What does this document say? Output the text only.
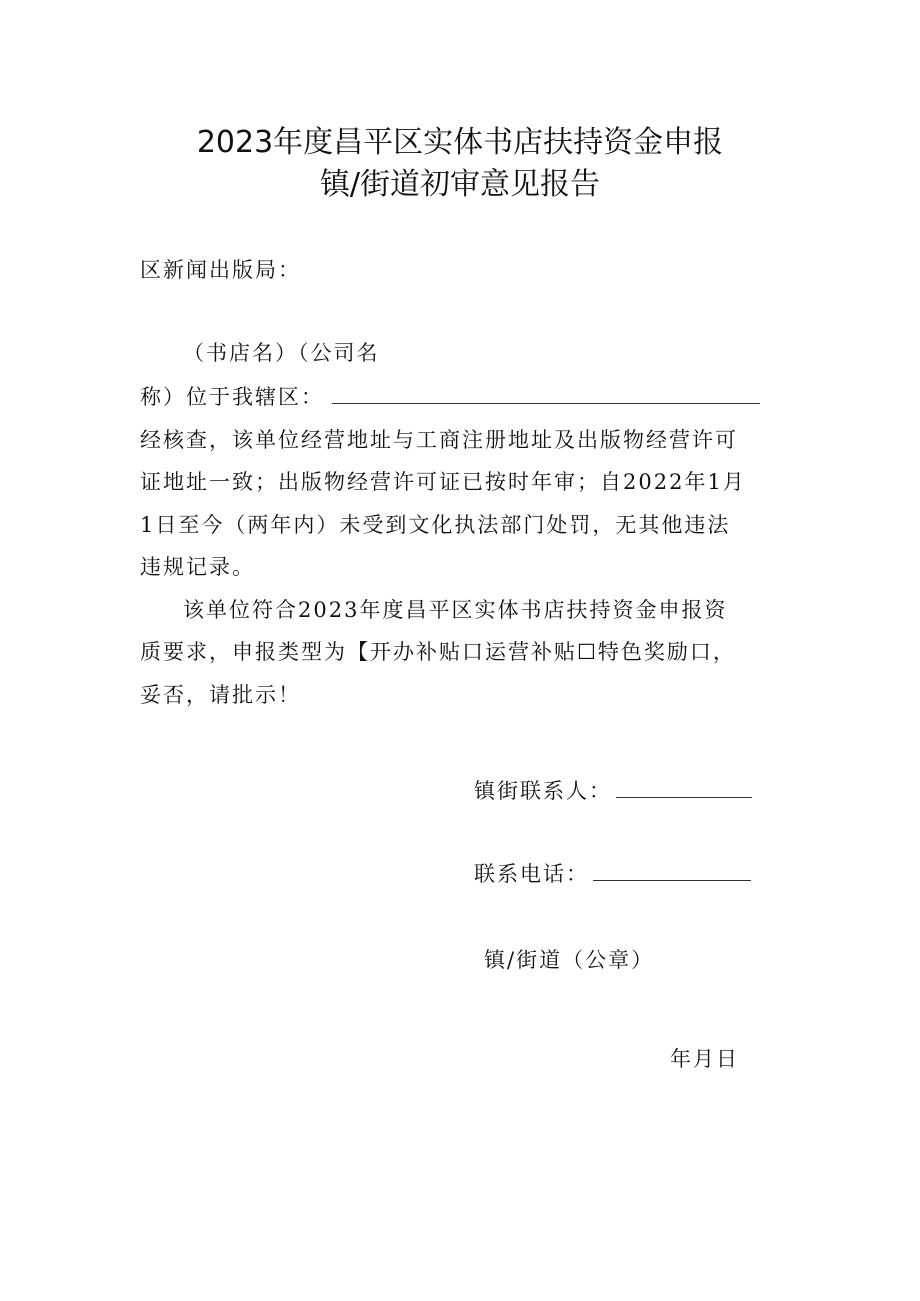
2023年度昌平区实体书店扶持资金申报
镇/街道初审意见报告
区新闻出版局：
（书店名）（公司名
称）位于我辖区：
经核查，该单位经营地址与工商注册地址及出版物经营许可
证地址一致；出版物经营许可证已按时年审；自2022年1月
1日至今（两年内）未受到文化执法部门处罚，无其他违法
违规记录。
该单位符合2023年度昌平区实体书店扶持资金申报资
质要求，申报类型为【开办补贴口运营补贴☐特色奖励口，
妥否，请批示！
镇街联系人：
联系电话：
镇/街道（公章）
年月日
